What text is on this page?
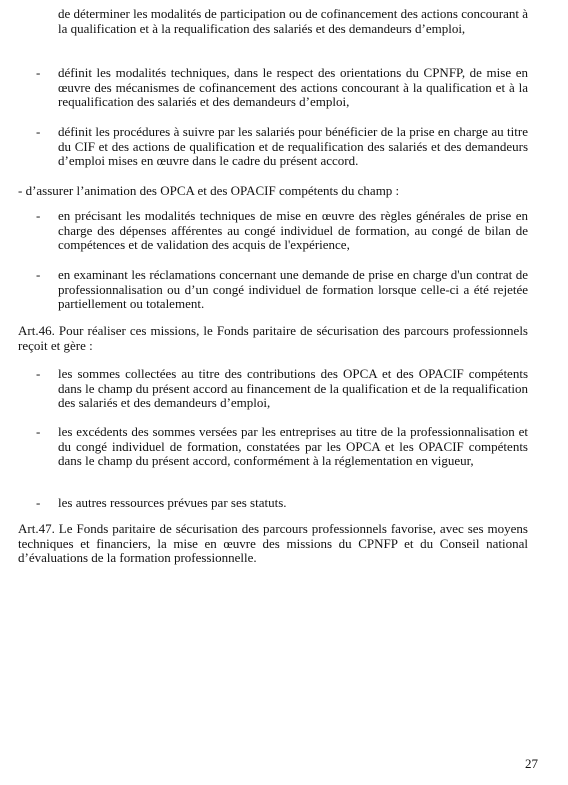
de déterminer les modalités de participation ou de cofinancement des actions concourant à la qualification et à la requalification des salariés et des demandeurs d’emploi,

-	définit les modalités techniques, dans le respect des orientations du CPNFP, de mise en œuvre des mécanismes de cofinancement des actions concourant à la qualification et à la requalification des salariés et des demandeurs d’emploi,

-	définit les procédures à suivre par les salariés pour bénéficier de la prise en charge au titre du CIF et des actions de qualification et de requalification des salariés et des demandeurs d’emploi mises en œuvre dans le cadre du présent accord.

- d’assurer l’animation des OPCA et des OPACIF compétents du champ :

-	en précisant les modalités techniques de mise en œuvre des règles générales de prise en charge des dépenses afférentes au congé individuel de formation, au congé de bilan de compétences et de validation des acquis de l'expérience,

-	en examinant les réclamations concernant une demande de prise en charge d'un contrat de professionnalisation ou d’un congé individuel de formation lorsque celle-ci a été rejetée partiellement ou totalement.

Art.46. Pour réaliser ces missions, le Fonds paritaire de sécurisation des parcours professionnels reçoit et gère :

-	les sommes collectées au titre des contributions des OPCA et des OPACIF compétents dans le champ du présent accord au financement de la qualification et de la requalification des salariés et des demandeurs d’emploi,

-	les excédents des sommes versées par les entreprises au titre de la professionnalisation et du congé individuel de formation, constatées par les OPCA et les OPACIF compétents dans le champ du présent accord, conformément à la réglementation en vigueur,

-	les autres ressources prévues par ses statuts.

Art.47. Le Fonds paritaire de sécurisation des parcours professionnels favorise, avec ses moyens techniques et financiers, la mise en œuvre des missions du CPNFP et du Conseil national d’évaluations de la formation professionnelle.

27
